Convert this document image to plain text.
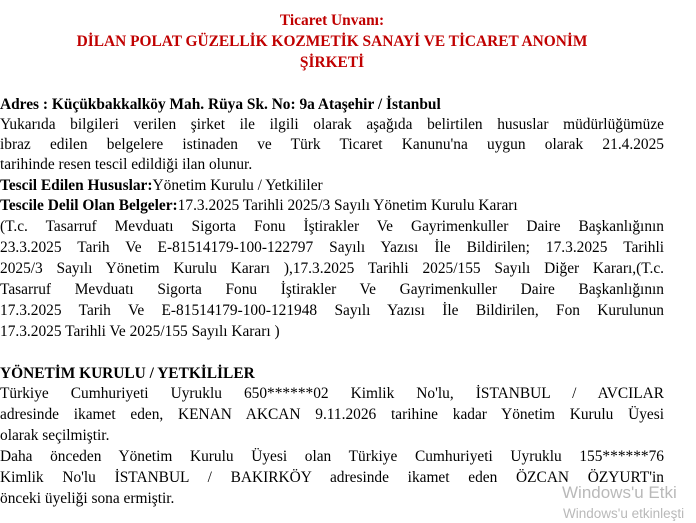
Ticaret Unvanı:
DİLAN POLAT GÜZELLİK KOZMETİK SANAYİ VE TİCARET ANONİM
ŞİRKETİ
Adres : Küçükbakkalköy Mah. Rüya Sk. No: 9a Ataşehir / İstanbul
Yukarıda bilgileri verilen şirket ile ilgili olarak aşağıda belirtilen hususlar müdürlüğümüze
ibraz edilen belgelere istinaden ve Türk Ticaret Kanunu'na uygun olarak 21.4.2025
tarihinde resen tescil edildiği ilan olunur.
Tescil Edilen Hususlar:Yönetim Kurulu / Yetkililer
Tescile Delil Olan Belgeler:17.3.2025 Tarihli 2025/3 Sayılı Yönetim Kurulu Kararı
(T.c. Tasarruf Mevduatı Sigorta Fonu İştirakler Ve Gayrimenkuller Daire Başkanlığının
23.3.2025 Tarih Ve E-81514179-100-122797 Sayılı Yazısı İle Bildirilen; 17.3.2025 Tarihli
2025/3 Sayılı Yönetim Kurulu Kararı ),17.3.2025 Tarihli 2025/155 Sayılı Diğer Kararı,(T.c.
Tasarruf Mevduatı Sigorta Fonu İştirakler Ve Gayrimenkuller Daire Başkanlığının
17.3.2025 Tarih Ve E-81514179-100-121948 Sayılı Yazısı İle Bildirilen, Fon Kurulunun
17.3.2025 Tarihli Ve 2025/155 Sayılı Kararı )
YÖNETİM KURULU / YETKİLİLER
Türkiye Cumhuriyeti Uyruklu 650******02 Kimlik No'lu, İSTANBUL / AVCILAR
adresinde ikamet eden, KENAN AKCAN 9.11.2026 tarihine kadar Yönetim Kurulu Üyesi
olarak seçilmiştir.
Daha önceden Yönetim Kurulu Üyesi olan Türkiye Cumhuriyeti Uyruklu 155******76
Kimlik No'lu İSTANBUL / BAKIRKÖY adresinde ikamet eden ÖZCAN ÖZYURT'in
önceki üyeliği sona ermiştir.	Windows'u Etki
Windows'u etkinleşti
